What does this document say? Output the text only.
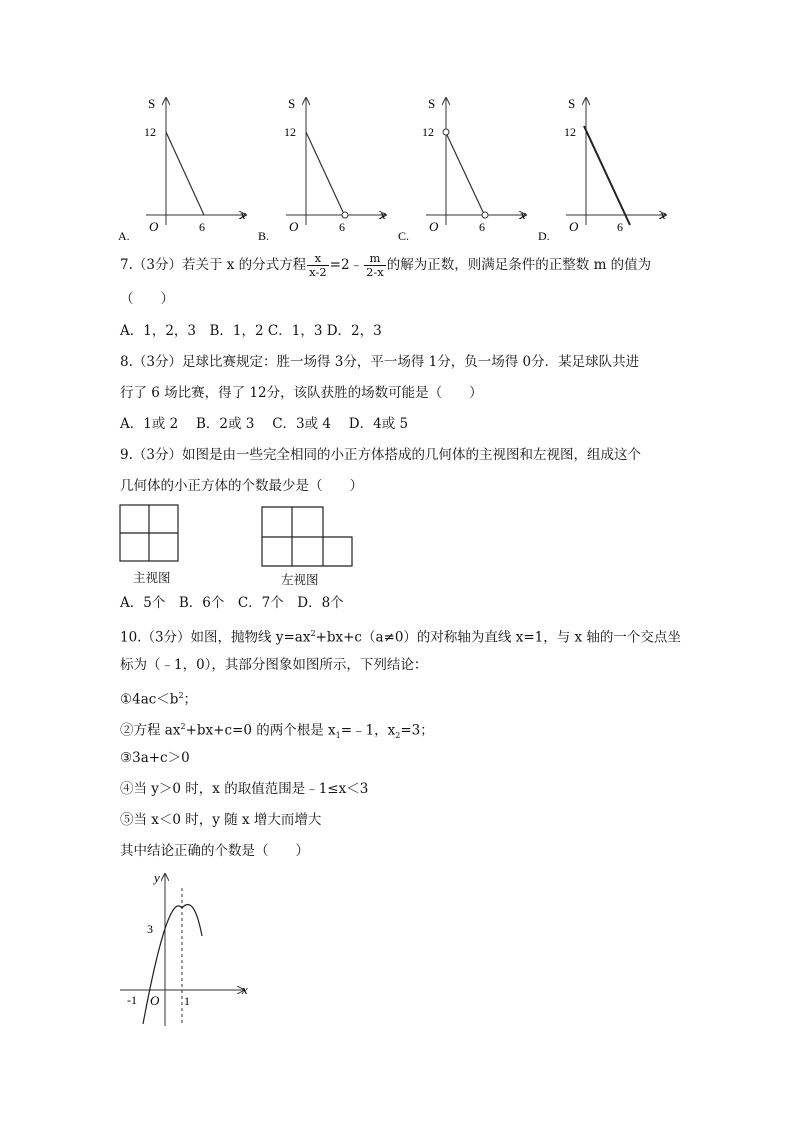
S
x
12
6
O
A.
S
x
12
6
O
B.
S
x
12
6
O
C.
S
x
12
6
O
D.
7.（3分）若关于 x 的分式方程 $\frac{x}{x-2}$ =2﹣ $\frac{m}{2-x}$ 的解为正数，则满足条件的正整数 m 的值为
（　　）
A．1，2，3　B．1，2 C．1，3 D．2，3
8.（3分）足球比赛规定：胜一场得 3分，平一场得 1分，负一场得 0分．某足球队共进
行了 6 场比赛，得了 12分，该队获胜的场数可能是（　　）
A．1或 2　 B．2或 3　 C．3或 4　 D．4或 5
9.（3分）如图是由一些完全相同的小正方体搭成的几何体的主视图和左视图，组成这个
几何体的小正方体的个数最少是（　　）
主视图	左视图
A．5个　B．6个　C．7个　D．8个
10.（3分）如图，抛物线 $y=ax^2+bx+c(a\ne 0)$的对称轴为直线 x=1，与 x 轴的一个交点坐
标为（﹣1，0），其部分图象如图所示，下列结论：
$①4ac<b^2$；
②方程 $ax^2+bx+c=0$ 的两个根是 $x_1=﹣1$，$x_2=3$；
③3a+c＞0
④当 y＞0 时，x 的取值范围是﹣1≤x＜3
⑤当 x＜0 时，y 随 x 增大而增大
其中结论正确的个数是（　　）
y
x
3
1
-1 O
